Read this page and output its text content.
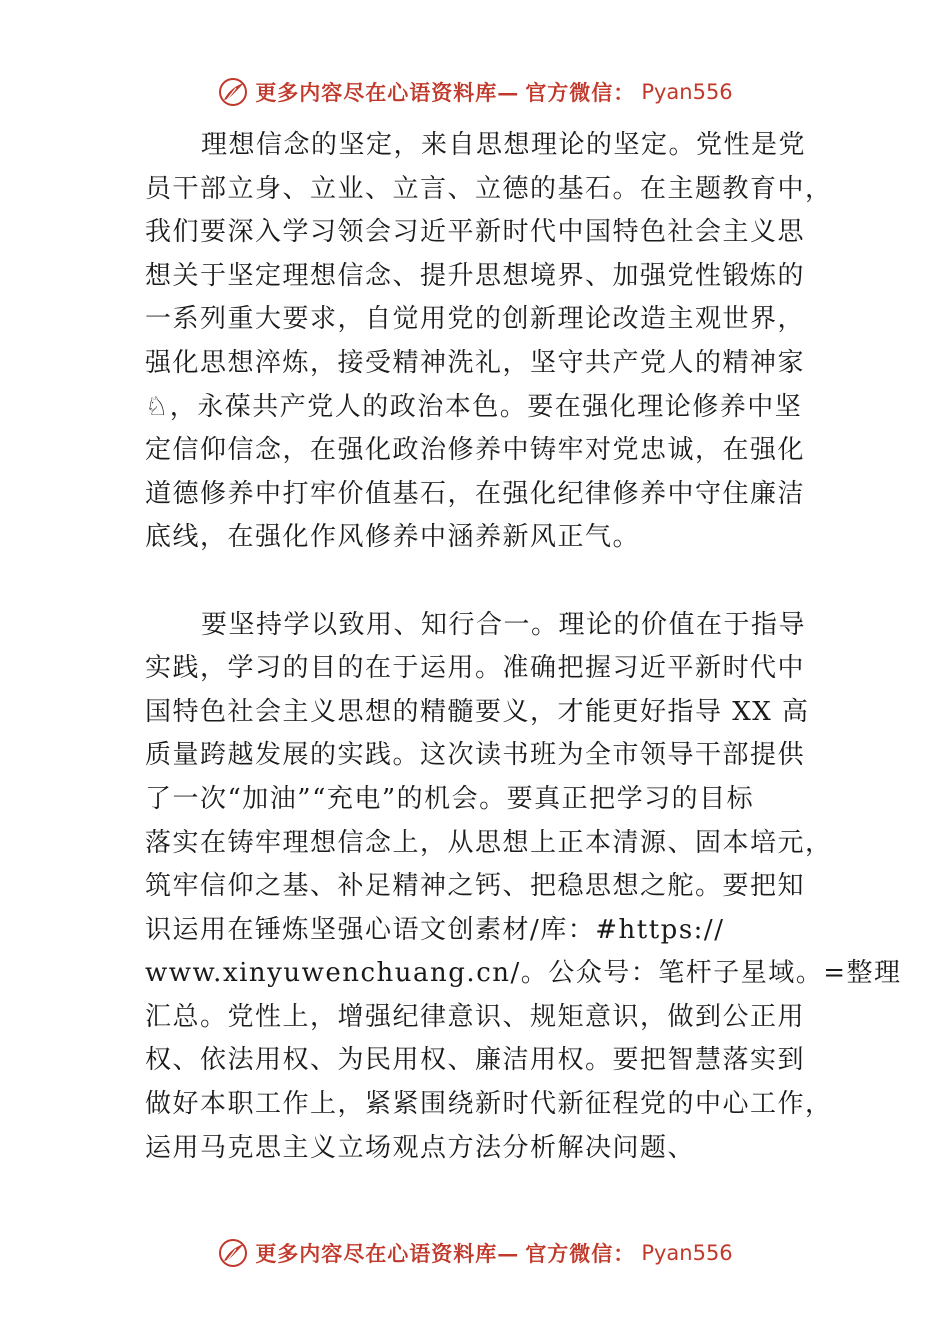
更多内容尽在心语资料库— 官方微信： Pyan556
理想信念的坚定，来自思想理论的坚定。党性是党
员干部立身、立业、立言、立德的基石。在主题教育中，
我们要深入学习领会习近平新时代中国特色社会主义思
想关于坚定理想信念、提升思想境界、加强党性锻炼的
一系列重大要求，自觉用党的创新理论改造主观世界，
强化思想淬炼，接受精神洗礼，坚守共产党人的精神家
♘，永葆共产党人的政治本色。要在强化理论修养中坚
定信仰信念，在强化政治修养中铸牢对党忠诚，在强化
道德修养中打牢价值基石，在强化纪律修养中守住廉洁
底线，在强化作风修养中涵养新风正气。
要坚持学以致用、知行合一。理论的价值在于指导
实践，学习的目的在于运用。准确把握习近平新时代中
国特色社会主义思想的精髓要义，才能更好指导 XX 高
质量跨越发展的实践。这次读书班为全市领导干部提供
了一次“加油”“充电”的机会。要真正把学习的目标
落实在铸牢理想信念上，从思想上正本清源、固本培元，
筑牢信仰之基、补足精神之钙、把稳思想之舵。要把知
识运用在锤炼坚强心语文创素材/库：#https://
www.xinyuwenchuang.cn/。公众号：笔杆子星域。=整理
汇总。党性上，增强纪律意识、规矩意识，做到公正用
权、依法用权、为民用权、廉洁用权。要把智慧落实到
做好本职工作上，紧紧围绕新时代新征程党的中心工作，
运用马克思主义立场观点方法分析解决问题、
更多内容尽在心语资料库— 官方微信： Pyan556
